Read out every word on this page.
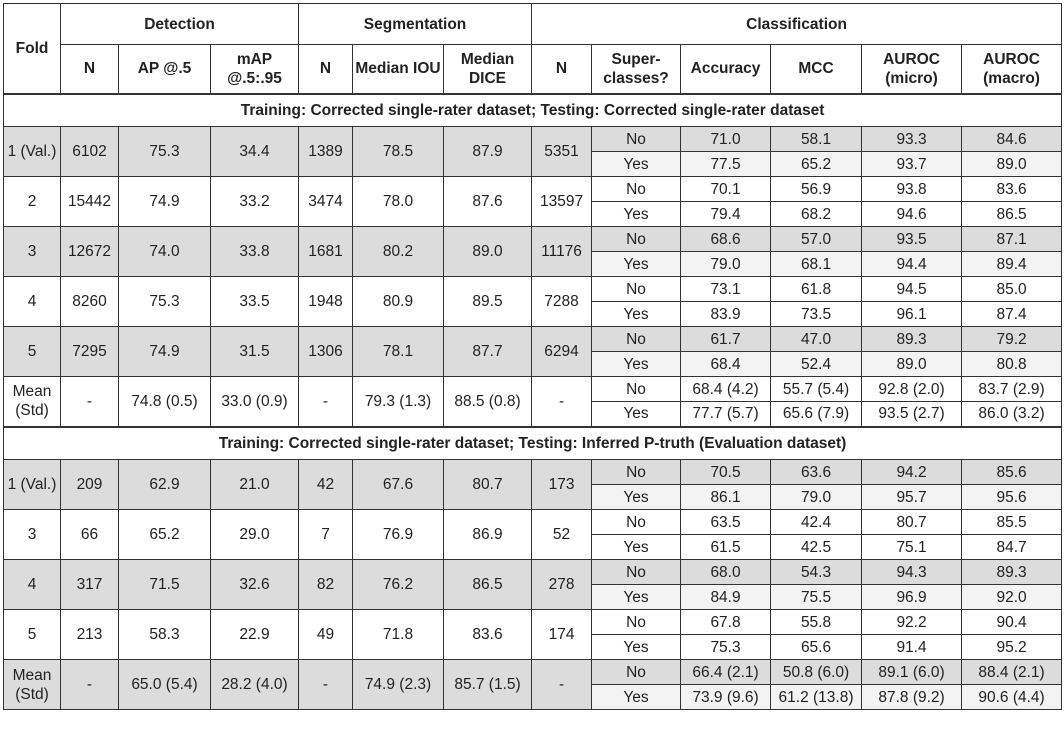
Fold	Detection			Segmentation			Classification					
	N	AP @.5	mAP @.5:.95	N	Median IOU	Median DICE	N	Super-classes?	Accuracy	MCC	AUROC (micro)	AUROC (macro)
Training: Corrected single-rater dataset; Testing: Corrected single-rater dataset												
1 (Val.)	6102	75.3	34.4	1389	78.5	87.9	5351	No	71.0	58.1	93.3	84.6
								Yes	77.5	65.2	93.7	89.0
2	15442	74.9	33.2	3474	78.0	87.6	13597	No	70.1	56.9	93.8	83.6
								Yes	79.4	68.2	94.6	86.5
3	12672	74.0	33.8	1681	80.2	89.0	11176	No	68.6	57.0	93.5	87.1
								Yes	79.0	68.1	94.4	89.4
4	8260	75.3	33.5	1948	80.9	89.5	7288	No	73.1	61.8	94.5	85.0
								Yes	83.9	73.5	96.1	87.4
5	7295	74.9	31.5	1306	78.1	87.7	6294	No	61.7	47.0	89.3	79.2
								Yes	68.4	52.4	89.0	80.8
Mean (Std)	-	74.8 (0.5)	33.0 (0.9)	-	79.3 (1.3)	88.5 (0.8)	-	No	68.4 (4.2)	55.7 (5.4)	92.8 (2.0)	83.7 (2.9)
								Yes	77.7 (5.7)	65.6 (7.9)	93.5 (2.7)	86.0 (3.2)
Training: Corrected single-rater dataset; Testing: Inferred P-truth (Evaluation dataset)												
1 (Val.)	209	62.9	21.0	42	67.6	80.7	173	No	70.5	63.6	94.2	85.6
								Yes	86.1	79.0	95.7	95.6
3	66	65.2	29.0	7	76.9	86.9	52	No	63.5	42.4	80.7	85.5
								Yes	61.5	42.5	75.1	84.7
4	317	71.5	32.6	82	76.2	86.5	278	No	68.0	54.3	94.3	89.3
								Yes	84.9	75.5	96.9	92.0
5	213	58.3	22.9	49	71.8	83.6	174	No	67.8	55.8	92.2	90.4
								Yes	75.3	65.6	91.4	95.2
Mean (Std)	-	65.0 (5.4)	28.2 (4.0)	-	74.9 (2.3)	85.7 (1.5)	-	No	66.4 (2.1)	50.8 (6.0)	89.1 (6.0)	88.4 (2.1)
								Yes	73.9 (9.6)	61.2 (13.8)	87.8 (9.2)	90.6 (4.4)
